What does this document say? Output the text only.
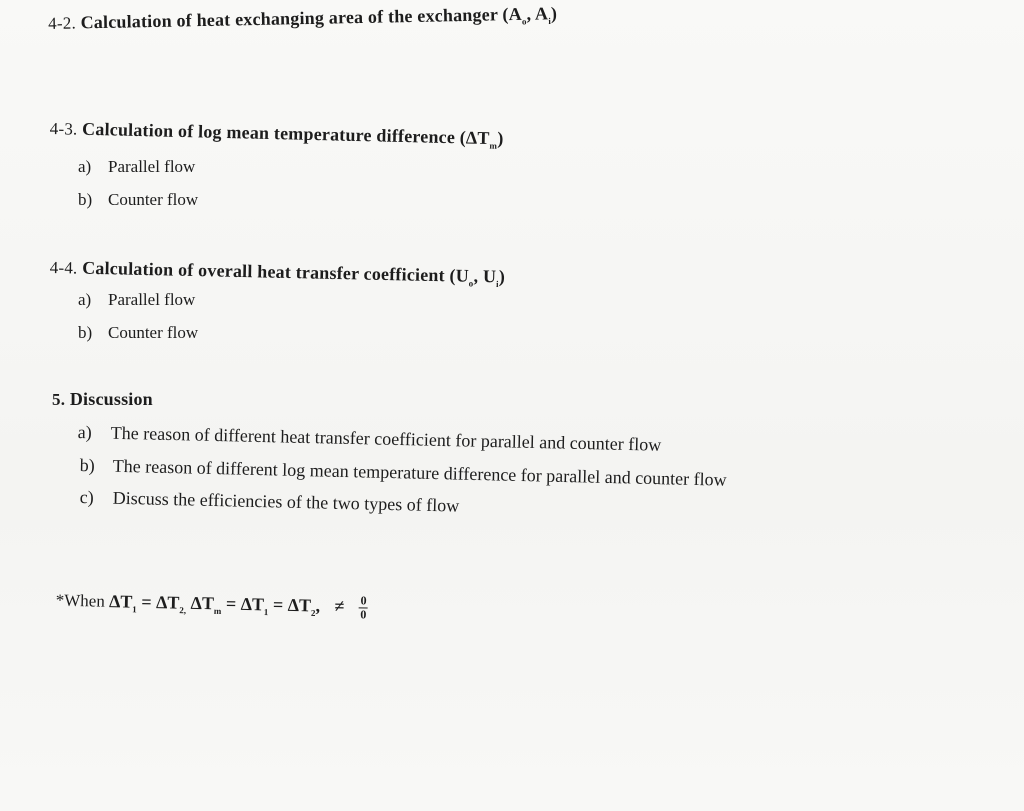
4-2. Calculation of heat exchanging area of the exchanger ($A_o$, $A_i$)
4-3. Calculation of log mean temperature difference $(\Delta T_m)$
a) Parallel flow
b) Counter flow
4-4. Calculation of overall heat transfer coefficient ($U_o$, $U_i$)
a) Parallel flow
b) Counter flow
5. Discussion
a) The reason of different heat transfer coefficient for parallel and counter flow
b) The reason of different log mean temperature difference for parallel and counter flow
c) Discuss the efficiencies of the two types of flow
*When $\Delta T_1 = \Delta T_{2,}$ $\Delta T_m = \Delta T_1 = \Delta T_2$, ≠ $\frac{0}{0}$
